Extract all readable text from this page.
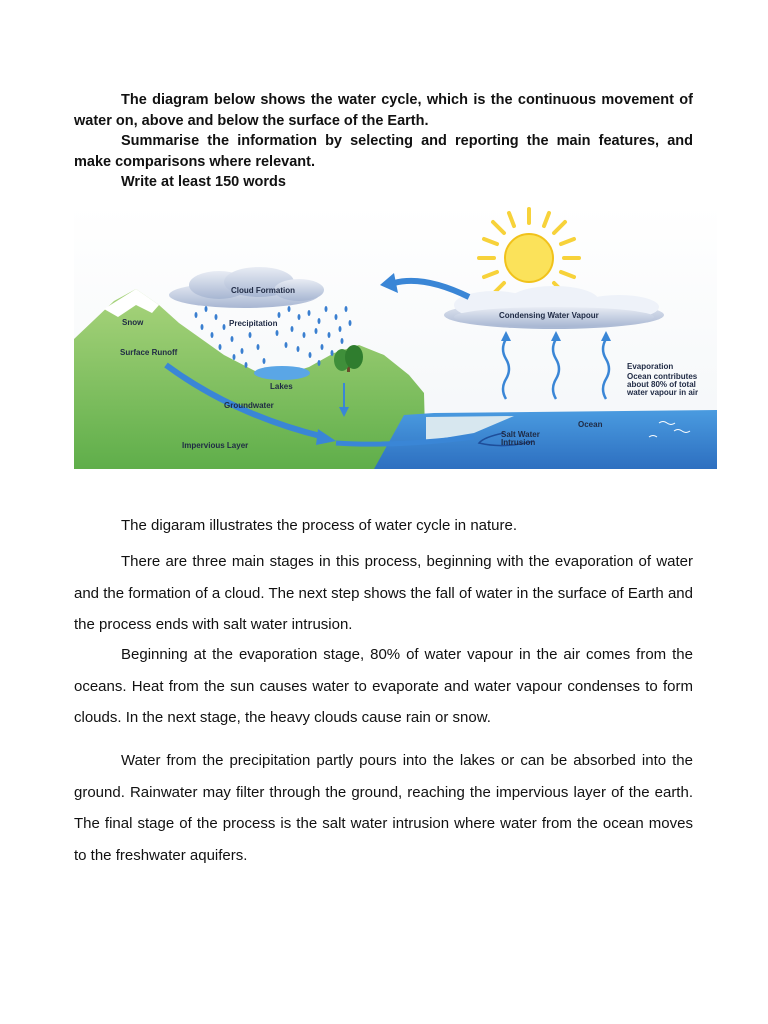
The diagram below shows the water cycle, which is the continuous movement of water on, above and below the surface of the Earth.

Summarise the information by selecting and reporting the main features, and make comparisons where relevant.

Write at least 150 words

Cloud Formation
Precipitation
Snow
Surface Runoff
Lakes
Groundwater
Impervious Layer
Condensing Water Vapour
Evaporation
Ocean contributes
about 80% of total
water vapour in air
Ocean
Salt Water
Intrusion

The digaram illustrates the process of water cycle in nature.

There are three main stages in this process, beginning with the evaporation of water and the formation of a cloud. The next step shows the fall of water in the surface of Earth and the process ends with salt water intrusion.

Beginning at the evaporation stage, 80% of water vapour in the air comes from the oceans. Heat from the sun causes water to evaporate and water vapour condenses to form clouds. In the next stage, the heavy clouds cause rain or snow.

Water from the precipitation partly pours into the lakes or can be absorbed into the ground. Rainwater may filter through the ground, reaching the impervious layer of the earth. The final stage of the process is the salt water intrusion where water from the ocean moves to the freshwater aquifers.
